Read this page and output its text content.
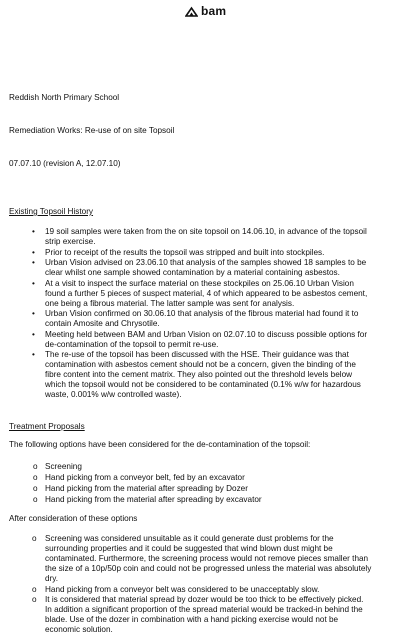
bam
Reddish North Primary School
Remediation Works: Re-use of on site Topsoil
07.07.10 (revision A, 12.07.10)
Existing Topsoil History
•	19 soil samples were taken from the on site topsoil on 14.06.10, in advance of the topsoil
strip exercise.
•	Prior to receipt of the results the topsoil was stripped and built into stockpiles.
•	Urban Vision advised on 23.06.10 that analysis of the samples showed 18 samples to be
clear whilst one sample showed contamination by a material containing asbestos.
•	At a visit to inspect the surface material on these stockpiles on 25.06.10 Urban Vision
found a further 5 pieces of suspect material, 4 of which appeared to be asbestos cement,
one being a fibrous material. The latter sample was sent for analysis.
•	Urban Vision confirmed on 30.06.10 that analysis of the fibrous material had found it to
contain Amosite and Chrysotile.
•	Meeting held between BAM and Urban Vision on 02.07.10 to discuss possible options for
de-contamination of the topsoil to permit re-use.
•	The re-use of the topsoil has been discussed with the HSE. Their guidance was that
contamination with asbestos cement should not be a concern, given the binding of the
fibre content into the cement matrix. They also pointed out the threshold levels below
which the topsoil would not be considered to be contaminated (0.1% w/w for hazardous
waste, 0.001% w/w controlled waste).
Treatment Proposals
The following options have been considered for the de-contamination of the topsoil:
o Screening
o Hand picking from a conveyor belt, fed by an excavator
o Hand picking from the material after spreading by Dozer
o Hand picking from the material after spreading by excavator
After consideration of these options
o	Screening was considered unsuitable as it could generate dust problems for the
surrounding properties and it could be suggested that wind blown dust might be
contaminated. Furthermore, the screening process would not remove pieces smaller than
the size of a 10p/50p coin and could not be progressed unless the material was absolutely
dry.
o	Hand picking from a conveyor belt was considered to be unacceptably slow.
o	It is considered that material spread by dozer would be too thick to be effectively picked.
In addition a significant proportion of the spread material would be tracked-in behind the
blade. Use of the dozer in combination with a hand picking exercise would not be
economic solution.
